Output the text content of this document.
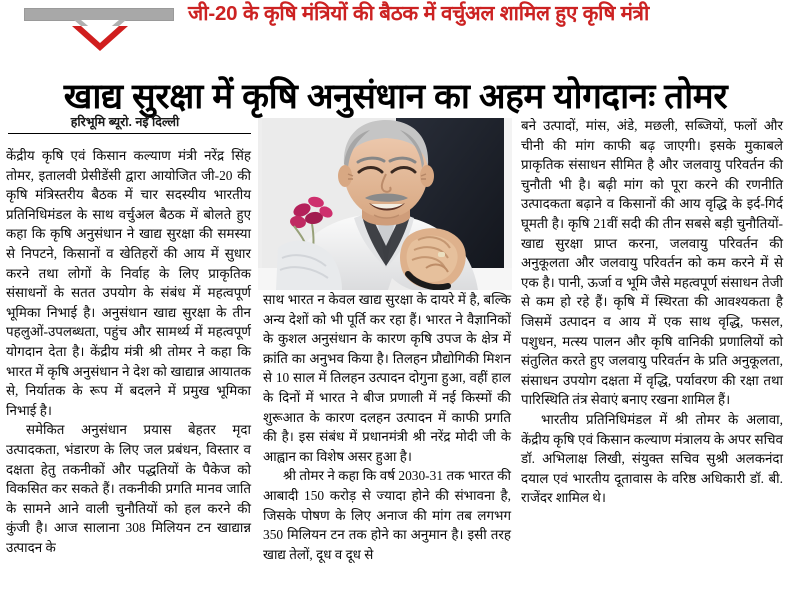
जी-20 के कृषि मंत्रियों की बैठक में वर्चुअल शामिल हुए कृषि मंत्री
खाद्य सुरक्षा में कृषि अनुसंधान का अहम योगदानः तोमर
हरिभूमि ब्यूरो. नई दिल्ली

केंद्रीय कृषि एवं किसान कल्याण मंत्री नरेंद्र सिंह तोमर, इतालवी प्रेसीडेंसी द्वारा आयोजित जी-20 की कृषि मंत्रिस्तरीय बैठक में चार सदस्यीय भारतीय प्रतिनिधिमंडल के साथ वर्चुअल बैठक में बोलते हुए कहा कि कृषि अनुसंधान ने खाद्य सुरक्षा की समस्या से निपटने, किसानों व खेतिहरों की आय में सुधार करने तथा लोगों के निर्वाह के लिए प्राकृतिक संसाधनों के सतत उपयोग के संबंध में महत्वपूर्ण भूमिका निभाई है। अनुसंधान खाद्य सुरक्षा के तीन पहलुओं-उपलब्धता, पहुंच और सामर्थ्य में महत्वपूर्ण योगदान देता है। केंद्रीय मंत्री श्री तोमर ने कहा कि भारत में कृषि अनुसंधान ने देश को खाद्यान्न आयातक से, निर्यातक के रूप में बदलने में प्रमुख भूमिका निभाई है।

समेकित अनुसंधान प्रयास बेहतर मृदा उत्पादकता, भंडारण के लिए जल प्रबंधन, विस्तार व दक्षता हेतु तकनीकों और पद्धतियों के पैकेज को विकसित कर सकते हैं। तकनीकी प्रगति मानव जाति के सामने आने वाली चुनौतियों को हल करने की कुंजी है। आज सालाना 308 मिलियन टन खाद्यान्न उत्पादन के

साथ भारत न केवल खाद्य सुरक्षा के दायरे में है, बल्कि अन्य देशों को भी पूर्ति कर रहा हैं। भारत ने वैज्ञानिकों के कुशल अनुसंधान के कारण कृषि उपज के क्षेत्र में क्रांति का अनुभव किया है। तिलहन प्रौद्योगिकी मिशन से 10 साल में तिलहन उत्पादन दोगुना हुआ, वहीं हाल के दिनों में भारत ने बीज प्रणाली में नई किस्मों की शुरूआत के कारण दलहन उत्पादन में काफी प्रगति की है। इस संबंध में प्रधानमंत्री श्री नरेंद्र मोदी जी के आह्वान का विशेष असर हुआ है।

श्री तोमर ने कहा कि वर्ष 2030-31 तक भारत की आबादी 150 करोड़ से ज्यादा होने की संभावना है, जिसके पोषण के लिए अनाज की मांग तब लगभग 350 मिलियन टन तक होने का अनुमान है। इसी तरह खाद्य तेलों, दूध व दूध से

बने उत्पादों, मांस, अंडे, मछली, सब्जियों, फलों और चीनी की मांग काफी बढ़ जाएगी। इसके मुकाबले प्राकृतिक संसाधन सीमित है और जलवायु परिवर्तन की चुनौती भी है। बढ़ी मांग को पूरा करने की रणनीति उत्पादकता बढ़ाने व किसानों की आय वृद्धि के इर्द-गिर्द घूमती है। कृषि 21वीं सदी की तीन सबसे बड़ी चुनौतियों- खाद्य सुरक्षा प्राप्त करना, जलवायु परिवर्तन की अनुकूलता और जलवायु परिवर्तन को कम करने में से एक है। पानी, ऊर्जा व भूमि जैसे महत्वपूर्ण संसाधन तेजी से कम हो रहे हैं। कृषि में स्थिरता की आवश्यकता है जिसमें उत्पादन व आय में एक साथ वृद्धि, फसल, पशुधन, मत्स्य पालन और कृषि वानिकी प्रणालियों को संतुलित करते हुए जलवायु परिवर्तन के प्रति अनुकूलता, संसाधन उपयोग दक्षता में वृद्धि, पर्यावरण की रक्षा तथा पारिस्थिति तंत्र सेवाएं बनाए रखना शामिल हैं।

भारतीय प्रतिनिधिमंडल में श्री तोमर के अलावा, केंद्रीय कृषि एवं किसान कल्याण मंत्रालय के अपर सचिव डॉ. अभिलाक्ष लिखी, संयुक्त सचिव सुश्री अलकनंदा दयाल एवं भारतीय दूतावास के वरिष्ठ अधिकारी डॉ. बी. राजेंदर शामिल थे।
